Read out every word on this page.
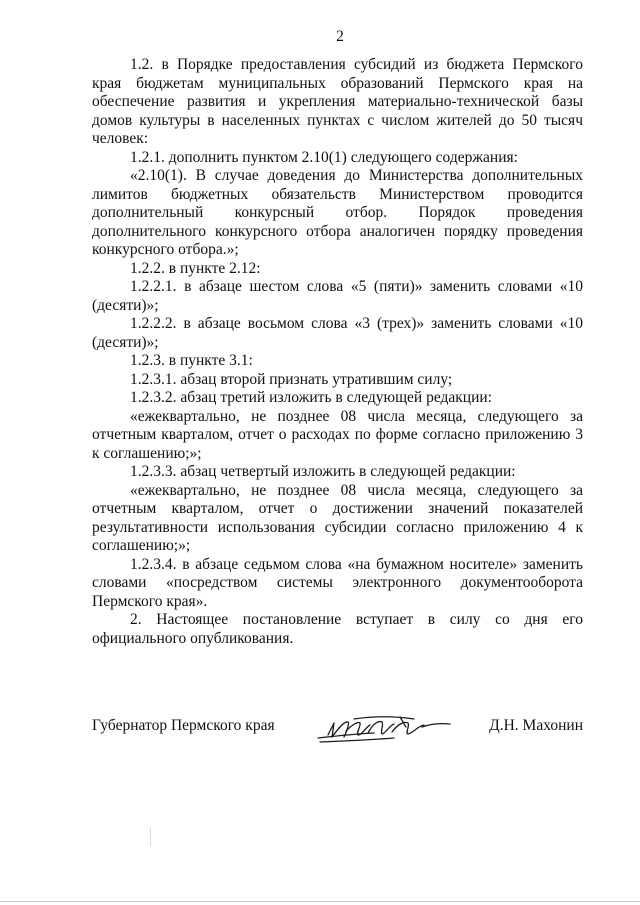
2

1.2. в Порядке предоставления субсидий из бюджета Пермского края бюджетам муниципальных образований Пермского края на обеспечение развития и укрепления материально-технической базы домов культуры в населенных пунктах с числом жителей до 50 тысяч человек:

1.2.1. дополнить пунктом 2.10(1) следующего содержания:

«2.10(1). В случае доведения до Министерства дополнительных лимитов бюджетных обязательств Министерством проводится дополнительный конкурсный отбор. Порядок проведения дополнительного конкурсного отбора аналогичен порядку проведения конкурсного отбора.»;

1.2.2. в пункте 2.12:

1.2.2.1. в абзаце шестом слова «5 (пяти)» заменить словами «10 (десяти)»;

1.2.2.2. в абзаце восьмом слова «3 (трех)» заменить словами «10 (десяти)»;

1.2.3. в пункте 3.1:

1.2.3.1. абзац второй признать утратившим силу;

1.2.3.2. абзац третий изложить в следующей редакции:

«ежеквартально, не позднее 08 числа месяца, следующего за отчетным кварталом, отчет о расходах по форме согласно приложению 3 к соглашению;»;

1.2.3.3. абзац четвертый изложить в следующей редакции:

«ежеквартально, не позднее 08 числа месяца, следующего за отчетным кварталом, отчет о достижении значений показателей результативности использования субсидии согласно приложению 4 к соглашению;»;

1.2.3.4. в абзаце седьмом слова «на бумажном носителе» заменить словами «посредством системы электронного документооборота Пермского края».

2. Настоящее постановление вступает в силу со дня его официального опубликования.

Губернатор Пермского края	Д.Н. Махонин
